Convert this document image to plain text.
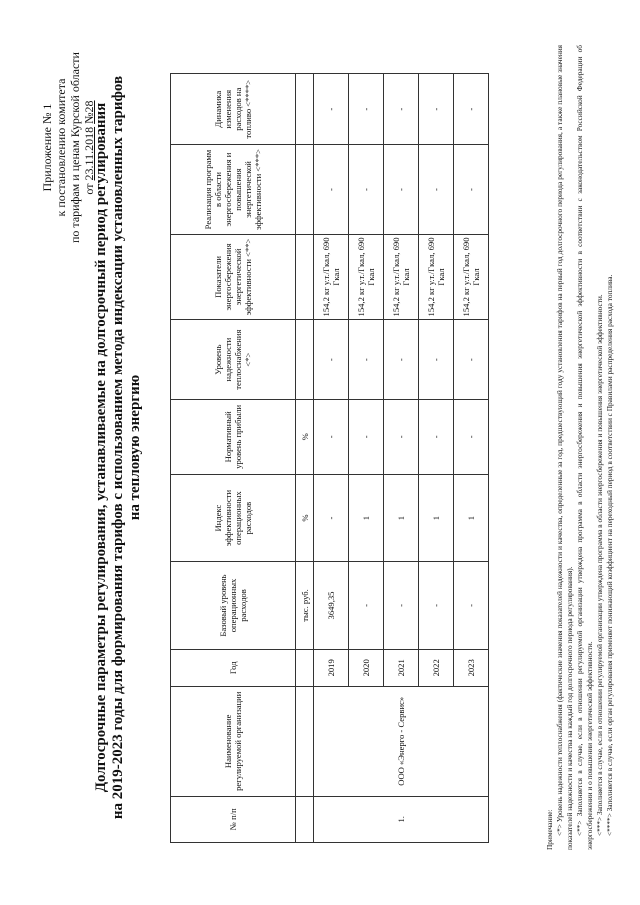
Приложение № 1 к постановлению комитета по тарифам и ценам Курской области от 23.11.2018 №28
Долгосрочные параметры регулирования, устанавливаемые на долгосрочный период регулирования на 2019-2023 годы для формирования тарифов с использованием метода индексации установленных тарифов на тепловую энергию
№ п/п	Наименование регулируемой организации	Год	Базовый уровень операционных расходов	Индекс эффективности операционных расходов	Нормативный уровень прибыли	Уровень надежности теплоснабжения <*>	Показатели энергосбережения энергетической эффективности <**>	Реализация программ в области энергосбережения и повышения энергетической эффективности <***>	Динамика изменения расходов на топливо <****>
			тыс. руб.	%	%				
1.	ООО «Энерго - Сервис»	2019	3649,35	-	-	-	154,2 кг у.т./Гкал, 690 Гкал	-	-
		2020	-	1	-	-	154,2 кг у.т./Гкал, 690 Гкал	-	-
		2021	-	1	-	-	154,2 кг у.т./Гкал, 690 Гкал	-	-
		2022	-	1	-	-	154,2 кг у.т./Гкал, 690 Гкал	-	-
		2023	-	1	-	-	154,2 кг у.т./Гкал, 690 Гкал	-	-
Примечание: <*> Уровень надежности теплоснабжения (фактические значения показателей надежности и качества, определенные за год, предшествующий году установления тарифов на первый год долгосрочного периода регулирования, а также плановые значения показателей надежности и качества на каждый год долгосрочного периода регулирования). <**> Заполняется в случае, если в отношении регулируемой организации утверждена программа в области энергосбережения и повышения энергетической эффективности в соответствии с законодательством Российской Федерации об энергосбережении и о повышении энергетической эффективности. <***> Заполняется в случае, если в отношении регулируемой организации утверждена программа в области энергосбережения и повышения энергетической эффективности. <****> Заполняется в случае, если орган регулирования применяет понижающий коэффициент на переходный период в соответствии с Правилами распределения расхода топлива.
